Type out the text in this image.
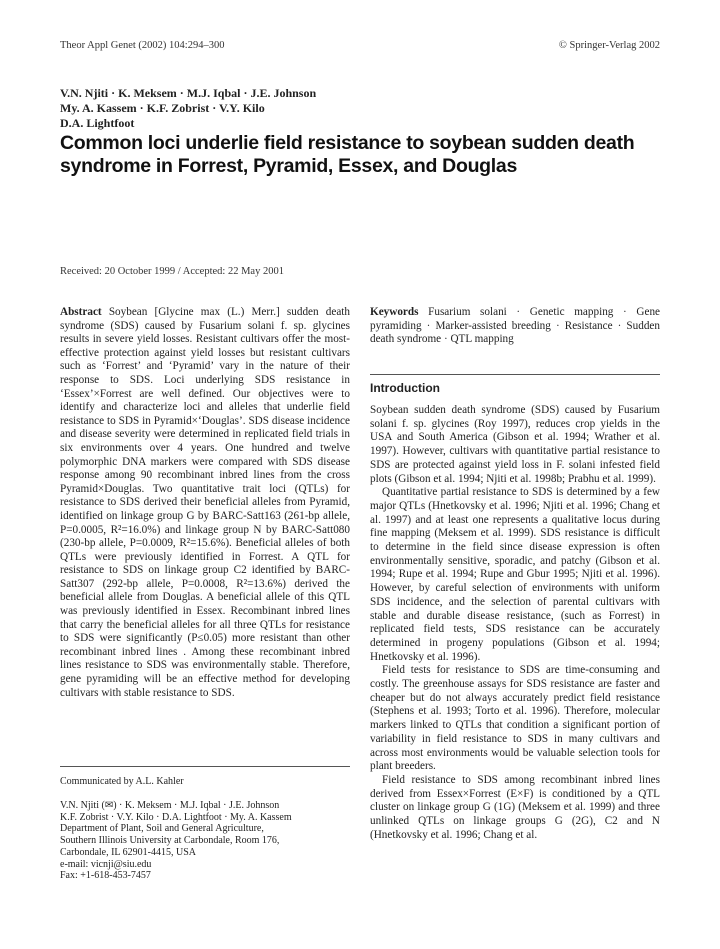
Theor Appl Genet (2002) 104:294–300	© Springer-Verlag 2002
V.N. Njiti · K. Meksem · M.J. Iqbal · J.E. Johnson
My. A. Kassem · K.F. Zobrist · V.Y. Kilo
D.A. Lightfoot
Common loci underlie field resistance to soybean sudden death syndrome in Forrest, Pyramid, Essex, and Douglas
Received: 20 October 1999 / Accepted: 22 May 2001

Abstract Soybean [Glycine max (L.) Merr.] sudden death syndrome (SDS) caused by Fusarium solani f. sp. glycines results in severe yield losses. Resistant cultivars offer the most-effective protection against yield losses but resistant cultivars such as ‘Forrest’ and ‘Pyramid’ vary in the nature of their response to SDS. Loci underlying SDS resistance in ‘Essex’×Forrest are well defined. Our objectives were to identify and characterize loci and alleles that underlie field resistance to SDS in Pyramid×‘Douglas’. SDS disease incidence and disease severity were determined in replicated field trials in six environments over 4 years. One hundred and twelve polymorphic DNA markers were compared with SDS disease response among 90 recombinant inbred lines from the cross Pyramid×Douglas. Two quantitative trait loci (QTLs) for resistance to SDS derived their beneficial alleles from Pyramid, identified on linkage group G by BARC-Satt163 (261-bp allele, P=0.0005, R²=16.0%) and linkage group N by BARC-Satt080 (230-bp allele, P=0.0009, R²=15.6%). Beneficial alleles of both QTLs were previously identified in Forrest. A QTL for resistance to SDS on linkage group C2 identified by BARC-Satt307 (292-bp allele, P=0.0008, R²=13.6%) derived the beneficial allele from Douglas. A beneficial allele of this QTL was previously identified in Essex. Recombinant inbred lines that carry the beneficial alleles for all three QTLs for resistance to SDS were significantly (P≤0.05) more resistant than other recombinant inbred lines . Among these recombinant inbred lines resistance to SDS was environmentally stable. Therefore, gene pyramiding will be an effective method for developing cultivars with stable resistance to SDS.

Communicated by A.L. Kahler

V.N. Njiti (✉) · K. Meksem · M.J. Iqbal · J.E. Johnson
K.F. Zobrist · V.Y. Kilo · D.A. Lightfoot · My. A. Kassem
Department of Plant, Soil and General Agriculture,
Southern Illinois University at Carbondale, Room 176,
Carbondale, IL 62901-4415, USA
e-mail: vicnji@siu.edu
Fax: +1-618-453-7457

Keywords Fusarium solani · Genetic mapping · Gene pyramiding · Marker-assisted breeding · Resistance · Sudden death syndrome · QTL mapping

Introduction

Soybean sudden death syndrome (SDS) caused by Fusarium solani f. sp. glycines (Roy 1997), reduces crop yields in the USA and South America (Gibson et al. 1994; Wrather et al. 1997). However, cultivars with quantitative partial resistance to SDS are protected against yield loss in F. solani infested field plots (Gibson et al. 1994; Njiti et al. 1998b; Prabhu et al. 1999).

Quantitative partial resistance to SDS is determined by a few major QTLs (Hnetkovsky et al. 1996; Njiti et al. 1996; Chang et al. 1997) and at least one represents a qualitative locus during fine mapping (Meksem et al. 1999). SDS resistance is difficult to determine in the field since disease expression is often environmentally sensitive, sporadic, and patchy (Gibson et al. 1994; Rupe et al. 1994; Rupe and Gbur 1995; Njiti et al. 1996). However, by careful selection of environments with uniform SDS incidence, and the selection of parental cultivars with stable and durable disease resistance, (such as Forrest) in replicated field tests, SDS resistance can be accurately determined in progeny populations (Gibson et al. 1994; Hnetkovsky et al. 1996).

Field tests for resistance to SDS are time-consuming and costly. The greenhouse assays for SDS resistance are faster and cheaper but do not always accurately predict field resistance (Stephens et al. 1993; Torto et al. 1996). Therefore, molecular markers linked to QTLs that condition a significant portion of variability in field resistance to SDS in many cultivars and across most environments would be valuable selection tools for plant breeders.

Field resistance to SDS among recombinant inbred lines derived from Essex×Forrest (E×F) is conditioned by a QTL cluster on linkage group G (1G) (Meksem et al. 1999) and three unlinked QTLs on linkage groups G (2G), C2 and N (Hnetkovsky et al. 1996; Chang et al.
